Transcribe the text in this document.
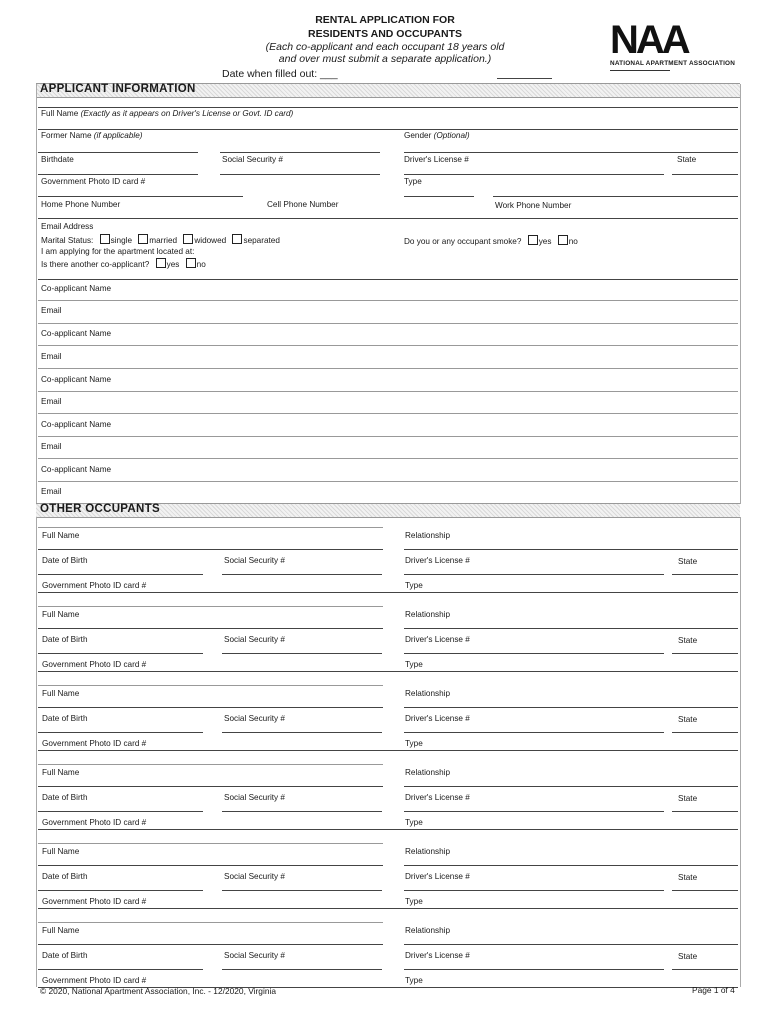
RENTAL APPLICATION FOR
RESIDENTS AND OCCUPANTS
(Each co-applicant and each occupant 18 years old
and over must submit a separate application.)
Date when filled out: ___
NAA
NATIONAL APARTMENT ASSOCIATION
APPLICANT INFORMATION
Full Name (Exactly as it appears on Driver's License or Govt. ID card)
Former Name (if applicable)	Gender (Optional)
Birthdate	Social Security #	Driver's License #	State
Government Photo ID card #	Type
Home Phone Number	Cell Phone Number	Work Phone Number
Email Address
Marital Status: single married widowed separated	Do you or any occupant smoke? yes no
I am applying for the apartment located at:
Is there another co-applicant? yes no
Co-applicant Name
Email
Co-applicant Name
Email
Co-applicant Name
Email
Co-applicant Name
Email
Co-applicant Name
Email
OTHER OCCUPANTS
Full Name	Relationship
Date of Birth	Social Security #	Driver's License #	State
Government Photo ID card #	Type
Full Name	Relationship
Date of Birth	Social Security #	Driver's License #	State
Government Photo ID card #	Type
Full Name	Relationship
Date of Birth	Social Security #	Driver's License #	State
Government Photo ID card #	Type
Full Name	Relationship
Date of Birth	Social Security #	Driver's License #	State
Government Photo ID card #	Type
Full Name	Relationship
Date of Birth	Social Security #	Driver's License #	State
Government Photo ID card #	Type
Full Name	Relationship
Date of Birth	Social Security #	Driver's License #	State
Government Photo ID card #	Type
© 2020, National Apartment Association, Inc. - 12/2020, Virginia	Page 1 of 4
